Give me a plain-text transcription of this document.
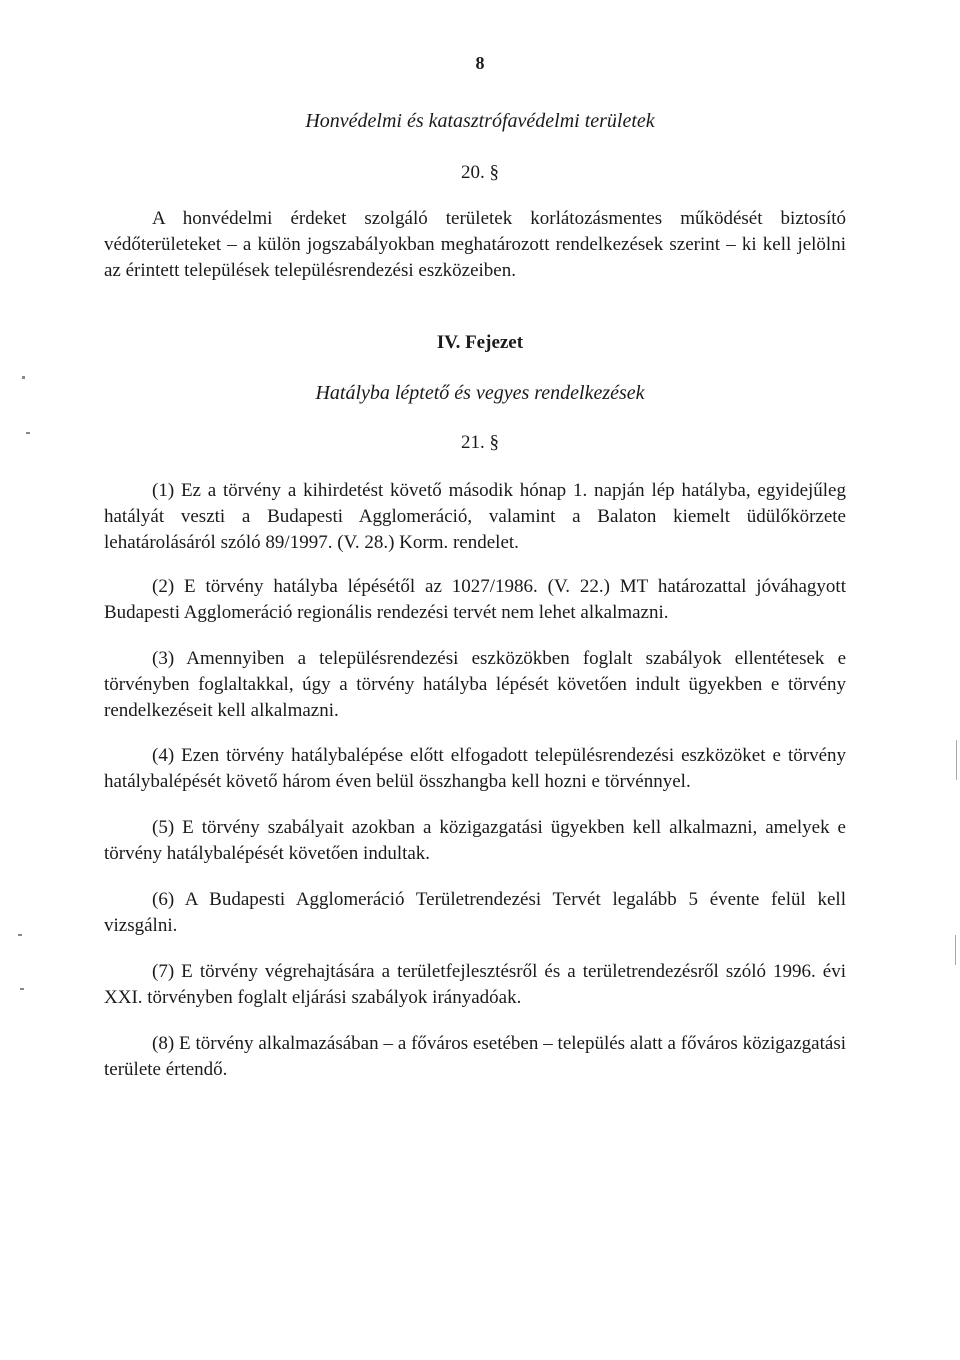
8
Honvédelmi és katasztrófavédelmi területek
20. §

A honvédelmi érdeket szolgáló területek korlátozásmentes működését biztosító védőterületeket – a külön jogszabályokban meghatározott rendelkezések szerint – ki kell jelölni az érintett települések településrendezési eszközeiben.

IV. Fejezet
Hatályba léptető és vegyes rendelkezések
21. §

(1) Ez a törvény a kihirdetést követő második hónap 1. napján lép hatályba, egyidejűleg hatályát veszti a Budapesti Agglomeráció, valamint a Balaton kiemelt üdülőkörzete lehatárolásáról szóló 89/1997. (V. 28.) Korm. rendelet.

(2) E törvény hatályba lépésétől az 1027/1986. (V. 22.) MT határozattal jóváhagyott Budapesti Agglomeráció regionális rendezési tervét nem lehet alkalmazni.

(3) Amennyiben a településrendezési eszközökben foglalt szabályok ellentétesek e törvényben foglaltakkal, úgy a törvény hatályba lépését követően indult ügyekben e törvény rendelkezéseit kell alkalmazni.

(4) Ezen törvény hatálybalépése előtt elfogadott településrendezési eszközöket e törvény hatálybalépését követő három éven belül összhangba kell hozni e törvénnyel.

(5) E törvény szabályait azokban a közigazgatási ügyekben kell alkalmazni, amelyek e törvény hatálybalépését követően indultak.

(6) A Budapesti Agglomeráció Területrendezési Tervét legalább 5 évente felül kell vizsgálni.

(7) E törvény végrehajtására a területfejlesztésről és a területrendezésről szóló 1996. évi XXI. törvényben foglalt eljárási szabályok irányadóak.

(8) E törvény alkalmazásában – a főváros esetében – település alatt a főváros közigazgatási területe értendő.
